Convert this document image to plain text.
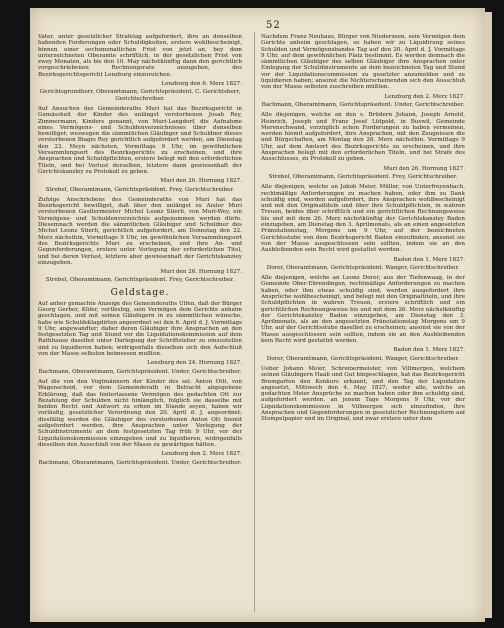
52

Vater, unter gesetzlicher Strafelag aufgefordert, ihre an denselben habenden Forderungen oder Schuldigkeiten, erstere wohlbescheinigt, binnen einer sechsmonatlichen Frist von jetzt an, bey dem unterzeichneten Oberamte schriftlich, in der gesetzlichen Frist von zwey Monaten, als bis den 10. May nächstkünftig dann den gerichtlich vorgeschriebenen Rechnungsrate anzugeben, des Bezirksgerichtsgericht Lenzburg einzureichen.

Lenzburg den 6. Merz 1827.

Gerichtsgrundherr, Oberamtmann, Gerichtspräsident. C. Gerichtsherr, Gerichtschreiber.

Auf Ansuchen des Gemeinderaths Muri hat das Bezirksgericht in Gemässheit der Kinder des unlängst verstorbenen Josab Rey, Zimmermann, Kinders genannt, von Muri-Langdorf, die Aufnahme eines Vermögens- und Schuldenverzeichnisses über denselben bewilliget; weswegen die sämmtlichen Gläubiger und Schuldner dieses verstorbenen Biagio Rey gerichtlich aufgefordert werden, am Dienstag den 22. Meyn nächsten, Vormittags 9 Uhr, im gewöhnlichen Versammlungsort des Bezirksgerichts zu erscheinen, und ihre Ansprachen und Schuldpflichten, erstere belegt mit den erforderlichen Titeln, und bei Verlust derselben, letztere dann gewissenhaft der Gerichtskanzley zu Protokoll zu geben.

Muri den 26. Hornung 1827.

Strebel, Oberamtmann, Gerichtspräsident. Frey, Gerichtschreiber.

Zufolge Anschriebens des Gemeinderaths von Muri hat das Bezirksgericht bewilliget, daß über den unlängst zu Aiuler Muri verstorbenen Gastlermeister Michel Leonz Stierli, von Muri-Wey, ein Vermögens- und Schuldenverzeichnis aufgenommen werden dürfe. Diesemnach werden die sämmtlichen Gläubiger und Schuldner des Michel Leonz Stierli, gerichtlich aufgefordert, am Donnstag den 22. Merz nächsthin, Vormittags 9 Uhr, im gewöhnlichen Versammlungsort des Bezirksgerichts Muri zu erscheinen, und ihre An- und Gegenforderungen, erstere unter Vorlegung der erforderlichen Titel, und bei deren Verlust, letztere aber gewissenhaft der Gerichtskanzley einzugeben.

Muri den 26. Hornung 1827.

Strebel, Oberamtmann, Gerichtspräsident. Frey, Gerichtschreiber.

Geldstage.

Auf anher gemachte Anzeige des Gemeinderaths Ulfen, daß der Bürger Georg Gerber, Küfer, vortlesbig, sein Vermögen dem Gerichte anheim geschlagen, und mit seinen Gläubigern in zu sämmtlichen wünsche, habe wie Schuldsklagdirten angeordnet sei den 6. April d. J. Vormittags 9 Uhr, angewandter; daher deren Gläubiger ihre Ansprachen an den festgesetzten Tag und Stund vor die Liquidationskommission auf dem Rathhause daselbst unter Darlegung der Schriftsteher zu einzustellen und zu liquidieren haben; widrigenfalls dieselben sich den Aufschluß von der Masse selbsten beimessen mußten.

Lenzburg den 24. Hornung 1827.

Bachmann, Oberamtmann, Gerichtspräsident. Under, Gerichtschreiber.

Auf die von den Vogtmännern der Kinder des sel. Anton Otti, von Wagenscheid, vor dem Gemeinderath in Betracht abgegebene Erklärung, daß das hinterlassene Vermögen des gedachten Ott zur Bezahlung der Schulden nicht hinlänglich, folglich sie dasselbe mit beiden Recht und Antwort zu erben im Stande seyen, haben wir vorläufig, gesetzlicher Verordnung den 20. April d. J. angeordnet; diesfällig werden die Gläubiger des verstorbenen Anton Ott hiemit aufgefordert werden, ihre Ansprachen unter Vorlegung der Schuldinstrumente an dem festgesetzten Tag früh 9 Uhr, vor der Liquidationskommission einzugeben und zu liquidieren, widrigenfalls dieselben den Ausschluß von der Masse zu gewärtigen hätten.

Lenzburg den 2. Merz 1827.

Bachmann, Oberamtmann, Gerichtspräsident. Under, Gerichtschreiber.

Nachdem Franz Neuhaus, Bürger von Niederzeen, sein Vermögen dem Gerichte anheim geschlagen, so haben wir zu Liquidirung seines Schulden und Vermögensbandes Tag auf den 20. April d. J. Vormittags 9 Uhr, auf dem gewöhnlichen Platz bestimmt. Es werden demnach die sämmtlichen Gläubiger des selben Gläubiger ihre Ansprachen unter Einlegung der Schuldinstrumente an dem bezeichneten Tag und Stund vor der Liquidationscommission zu gesetzter anzumelden und zu liquidieren haben; ansonst die Nichterscheinenden sich den Ausschluß von der Masse selbsten zuschreiben müßten.

Lenzburg den 2. Merz 1827.

Bachmann, Oberamtmann, Gerichtspräsident. Under, Gerichtschreiber.

Alle diejenigen, welche an den s. Brüdern Johann, Joseph Arnold, Heinrich, Joseph und Franz Josef Lütpold, in Buswil, Gemeinde Merenschwand, vorzüglich schon Forderungen zu haben vermeinen, werden hiemit aufgefordert, ihre Ansprachen, mit den Zeugnissen die und Bürgschaften, am Montag den 26. Merz nächsthin, Vormittags 9 Uhr, auf dem Amtsort des Bezirksgerichts zu erscheinen, und ihre Ansprachen belegt mit den erforderlichen Titeln, und bei Strafe des Ausschlusses, zu Protokoll zu geben.

Muri den 26. Hornung 1827.

Strebel, Oberamtmann, Gerichtspräsident. Frey, Gerichtschreiber.

Alle diejenigen, welche an Jakob Meier, Müller, von Unterfreyenbach, rechtmäßige Anforderungen zu machen haben, oder ihm zu Dank schuldig sind, werden aufgefordert, ihre Ansprachen wohlbescheinigt und mit den Originaltiteln und über ihre Schuldpflichten, in wahren Treuen, beides über schriftlich und ein gerichtlichen Rechnungsweise bis und mit dem 26. Merz nächstkünftig der Gerichtskanzley Baden einzugeben, am Dienstag den 3. Aprilmonats, als an einen angesetzten Pränotationstag, Morgens um 9 Uhr, auf der bezeichneten Gerichtsstube von dem Bezirksgericht Baden einzufinden; ansonst sie von der Masse ausgeschlossen sein sollten, indem sie an den Ausbleibenden sein Recht wird gestattet werden.

Baden den 1. Merz 1827.

Dorer, Oberamtmann, Gerichtspräsident. Wanger, Gerichtschreiber.

Alle diejenigen, welche an Leonz Dorer, aus der Tiefenwaag, in der Gemeinde Ober-Ehrendingen, rechtmäßige Anforderungen zu machen haben, oder ihm etwas schuldig sind, werden ausgefordert ihre Ansprüche wohlbescheinigt, und belegt mit den Originaltiteln, und ihre Schuldpflichten in wahren Treuen, erstere schriftlich und ein gerichtlichen Rechnungsweise bis und mit dem 26. Merz nächstkünftig der Gerichtskanzley Baden einzugeben, am Dienstag den 3. Aprilmonats, als an den angesetzten Pränotationstag Morgens um 9 Uhr, auf der Gerichtsstube daselbst zu erscheinen; ansonst sie von der Masse ausgeschlossen sein sollten, indem sie an den Ausbleibenden kein Recht wird gestattet werden.

Baden den 1. Merz 1827.

Dorer, Oberamtmann, Gerichtspräsident. Wanger, Gerichtschreiber.

Ueber Johann Meier, Schreinermeister, von Villmergen, welchem seinen Gläubigern Haab und Gut hingeschlagen, hat das Bezirksgericht Bremgarten den Konkurs erkannt, und den Tag der Liquidation angesetzt, Mittwoch den 4. May 1827; weder alle, welche an gedachten Meier Ansprüche zu machen haben oder ihm schuldig sind, aufgefordert werden, an jenem Tage Morgens 9 Uhr, vor der Liquidationskommission in Villmergen sich einzufinden, ihre Ansprachen und Gegenforderungen in gesetzlicher Rechnungsform auf Stempelpapier und im Original, und zwar erstere unter dem
